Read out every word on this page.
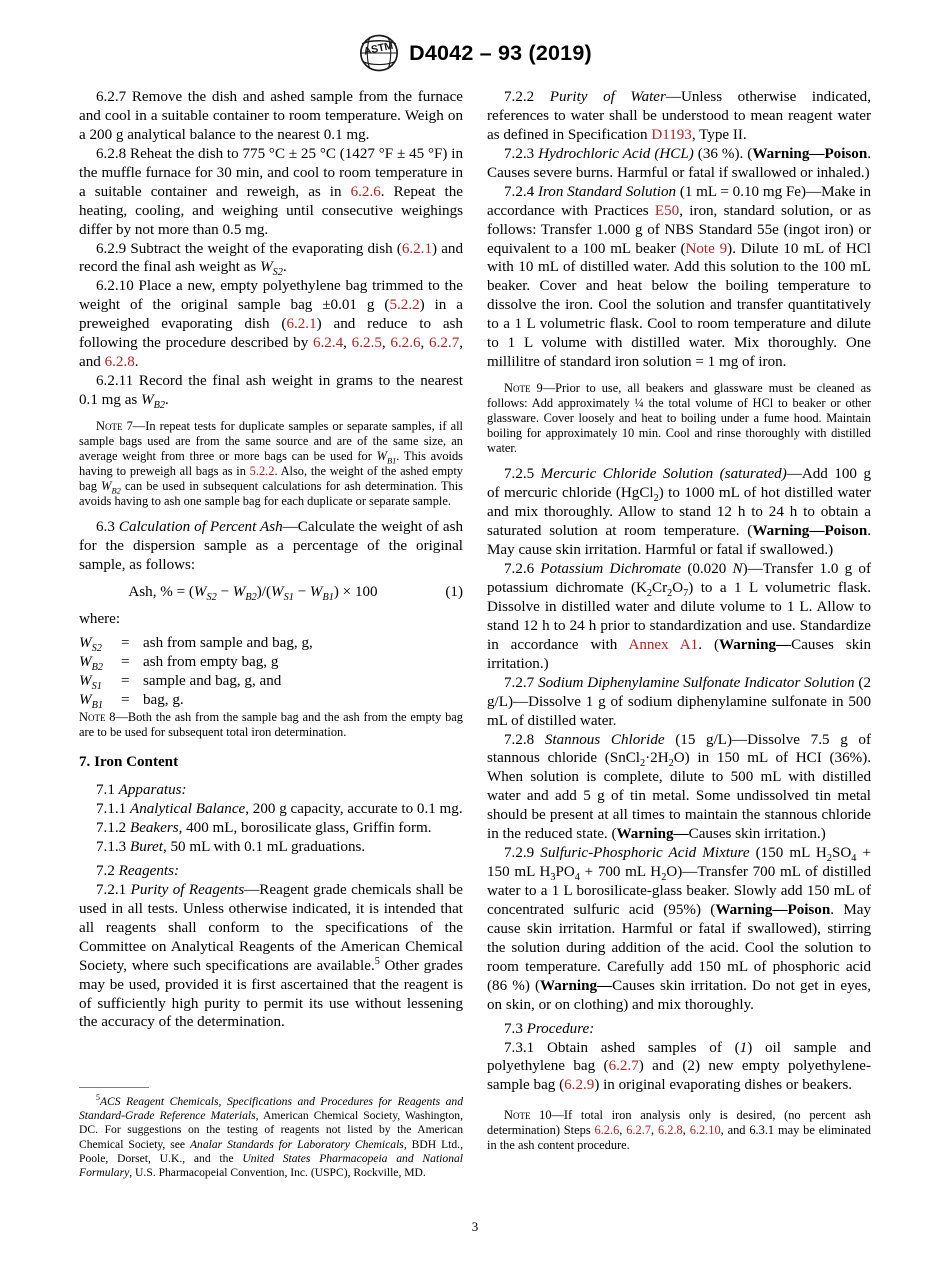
ASTM D4042 – 93 (2019)

6.2.7 Remove the dish and ashed sample from the furnace and cool in a suitable container to room temperature. Weigh on a 200 g analytical balance to the nearest 0.1 mg.

6.2.8 Reheat the dish to 775 °C ± 25 °C (1427 °F ± 45 °F) in the muffle furnace for 30 min, and cool to room temperature in a suitable container and reweigh, as in 6.2.6. Repeat the heating, cooling, and weighing until consecutive weighings differ by not more than 0.5 mg.

6.2.9 Subtract the weight of the evaporating dish (6.2.1) and record the final ash weight as $W_{S2}$.

6.2.10 Place a new, empty polyethylene bag trimmed to the weight of the original sample bag ±0.01 g (5.2.2) in a preweighed evaporating dish (6.2.1) and reduce to ash following the procedure described by 6.2.4, 6.2.5, 6.2.6, 6.2.7, and 6.2.8.

6.2.11 Record the final ash weight in grams to the nearest 0.1 mg as $W_{B2}$.

Note 7—In repeat tests for duplicate samples or separate samples, if all sample bags used are from the same source and are of the same size, an average weight from three or more bags can be used for $W_{B1}$. This avoids having to preweigh all bags as in 5.2.2. Also, the weight of the ashed empty bag $W_{B2}$ can be used in subsequent calculations for ash determination. This avoids having to ash one sample bag for each duplicate or separate sample.

6.3 Calculation of Percent Ash—Calculate the weight of ash for the dispersion sample as a percentage of the original sample, as follows:

Ash, % = $(W_{S2} - W_{B2})/(W_{S1} - W_{B1}) \times 100$	(1)

where:

$W_{S2}$	= ash from sample and bag, g,
$W_{B2}$	= ash from empty bag, g
$W_{S1}$	= sample and bag, g, and
$W_{B1}$	= bag, g.

Note 8—Both the ash from the sample bag and the ash from the empty bag are to be used for subsequent total iron determination.

7. Iron Content

7.1 Apparatus:

7.1.1 Analytical Balance, 200 g capacity, accurate to 0.1 mg.

7.1.2 Beakers, 400 mL, borosilicate glass, Griffin form.

7.1.3 Buret, 50 mL with 0.1 mL graduations.

7.2 Reagents:

7.2.1 Purity of Reagents—Reagent grade chemicals shall be used in all tests. Unless otherwise indicated, it is intended that all reagents shall conform to the specifications of the Committee on Analytical Reagents of the American Chemical Society, where such specifications are available.$^5$ Other grades may be used, provided it is first ascertained that the reagent is of sufficiently high purity to permit its use without lessening the accuracy of the determination.

7.2.2 Purity of Water—Unless otherwise indicated, references to water shall be understood to mean reagent water as defined in Specification D1193, Type II.

7.2.3 Hydrochloric Acid (HCL) (36 %). (Warning—Poison. Causes severe burns. Harmful or fatal if swallowed or inhaled.)

7.2.4 Iron Standard Solution (1 mL = 0.10 mg Fe)—Make in accordance with Practices E50, iron, standard solution, or as follows: Transfer 1.000 g of NBS Standard 55e (ingot iron) or equivalent to a 100 mL beaker (Note 9). Dilute 10 mL of HCl with 10 mL of distilled water. Add this solution to the 100 mL beaker. Cover and heat below the boiling temperature to dissolve the iron. Cool the solution and transfer quantitatively to a 1 L volumetric flask. Cool to room temperature and dilute to 1 L volume with distilled water. Mix thoroughly. One millilitre of standard iron solution = 1 mg of iron.

Note 9—Prior to use, all beakers and glassware must be cleaned as follows: Add approximately ¼ the total volume of HCl to beaker or other glassware. Cover loosely and heat to boiling under a fume hood. Maintain boiling for approximately 10 min. Cool and rinse thoroughly with distilled water.

7.2.5 Mercuric Chloride Solution (saturated)—Add 100 g of mercuric chloride (HgCl$_2$) to 1000 mL of hot distilled water and mix thoroughly. Allow to stand 12 h to 24 h to obtain a saturated solution at room temperature. (Warning—Poison. May cause skin irritation. Harmful or fatal if swallowed.)

7.2.6 Potassium Dichromate (0.020 N)—Transfer 1.0 g of potassium dichromate $(K_2Cr_2O_7)$ to a 1 L volumetric flask. Dissolve in distilled water and dilute volume to 1 L. Allow to stand 12 h to 24 h prior to standardization and use. Standardize in accordance with Annex A1. (Warning—Causes skin irritation.)

7.2.7 Sodium Diphenylamine Sulfonate Indicator Solution (2 g/L)—Dissolve 1 g of sodium diphenylamine sulfonate in 500 mL of distilled water.

7.2.8 Stannous Chloride (15 g/L)—Dissolve 7.5 g of stannous chloride $(SnCl_2\cdot 2H_2O)$ in 150 mL of HCI (36%). When solution is complete, dilute to 500 mL with distilled water and add 5 g of tin metal. Some undissolved tin metal should be present at all times to maintain the stannous chloride in the reduced state. (Warning—Causes skin irritation.)

7.2.9 Sulfuric-Phosphoric Acid Mixture (150 mL $H_2SO_4 + 150$ mL $H_3PO_4 + 700$ mL $H_2O)—Transfer$ 700 mL of distilled water to a 1 L borosilicate-glass beaker. Slowly add 150 mL of concentrated sulfuric acid (95%) (Warning—Poison. May cause skin irritation. Harmful or fatal if swallowed), stirring the solution during addition of the acid. Cool the solution to room temperature. Carefully add 150 mL of phosphoric acid (86 %) (Warning—Causes skin irritation. Do not get in eyes, on skin, or on clothing) and mix thoroughly.

7.3 Procedure:

7.3.1 Obtain ashed samples of (1) oil sample and polyethylene bag (6.2.7) and (2) new empty polyethylene-sample bag (6.2.9) in original evaporating dishes or beakers.

Note 10—If total iron analysis only is desired, (no percent ash determination) Steps 6.2.6, 6.2.7, 6.2.8, 6.2.10, and 6.3.1 may be eliminated in the ash content procedure.

$^5$ACS Reagent Chemicals, Specifications and Procedures for Reagents and Standard-Grade Reference Materials, American Chemical Society, Washington, DC. For suggestions on the testing of reagents not listed by the American Chemical Society, see Analar Standards for Laboratory Chemicals, BDH Ltd., Poole, Dorset, U.K., and the United States Pharmacopeia and National Formulary, U.S. Pharmacopeial Convention, Inc. (USPC), Rockville, MD.

3
